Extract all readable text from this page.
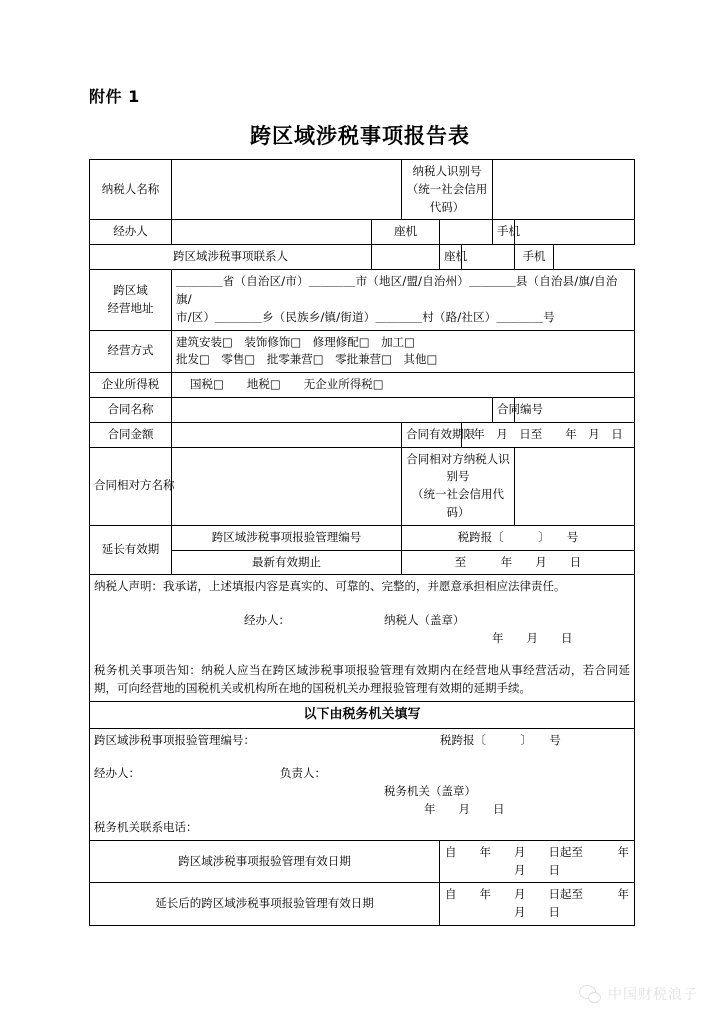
附件 1
跨区域涉税事项报告表
纳税人名称		纳税人识别号
（统一社会信用代码）	
经办人		座机		手机	
跨区域涉税事项联系人		座机			手机	

跨区域
经营地址	＿＿＿＿省（自治区/市）＿＿＿＿市（地区/盟/自治州）＿＿＿＿县（自治县/旗/自治旗/
市/区）＿＿＿＿乡（民族乡/镇/街道）＿＿＿＿村（路/社区）＿＿＿＿号
经营方式	建筑安装□　装饰修饰□　修理修配□　加工□
批发□　零售□　批零兼营□　零批兼营□　其他□
企业所得税	国税□　　地税□　　无企业所得税□
合同名称		合同编号	
合同金额		合同有效期限	年　月　日至　　年　月　日
合同相对方名称		合同相对方纳税人识别号
（统一社会信用代码）	
延长有效期	跨区域涉税事项报验管理编号	税跨报〔　　　〕　　号
最新有效期止	至　　　年　　月　　日
纳税人声明：我承诺，上述填报内容是真实的、可靠的、完整的，并愿意承担相应法律责任。
经办人：	纳税人（盖章）
年　　月　　日
税务机关事项告知：纳税人应当在跨区域涉税事项报验管理有效期内在经营地从事经营活动，若合同延期，可向经营地的国税机关或机构所在地的国税机关办理报验管理有效期的延期手续。

以下由税务机关填写

跨区域涉税事项报验管理编号：	税跨报〔　　　〕　　号
经办人：	负责人：
税务机关（盖章）
年　　月　　日
税务机关联系电话：

跨区域涉税事项报验管理有效日期	自　　年　　月　　日起至　　　年　　月　　日
延长后的跨区域涉税事项报验管理有效日期	自　　年　　月　　日起至　　　年　　月　　日
中国财税浪子
